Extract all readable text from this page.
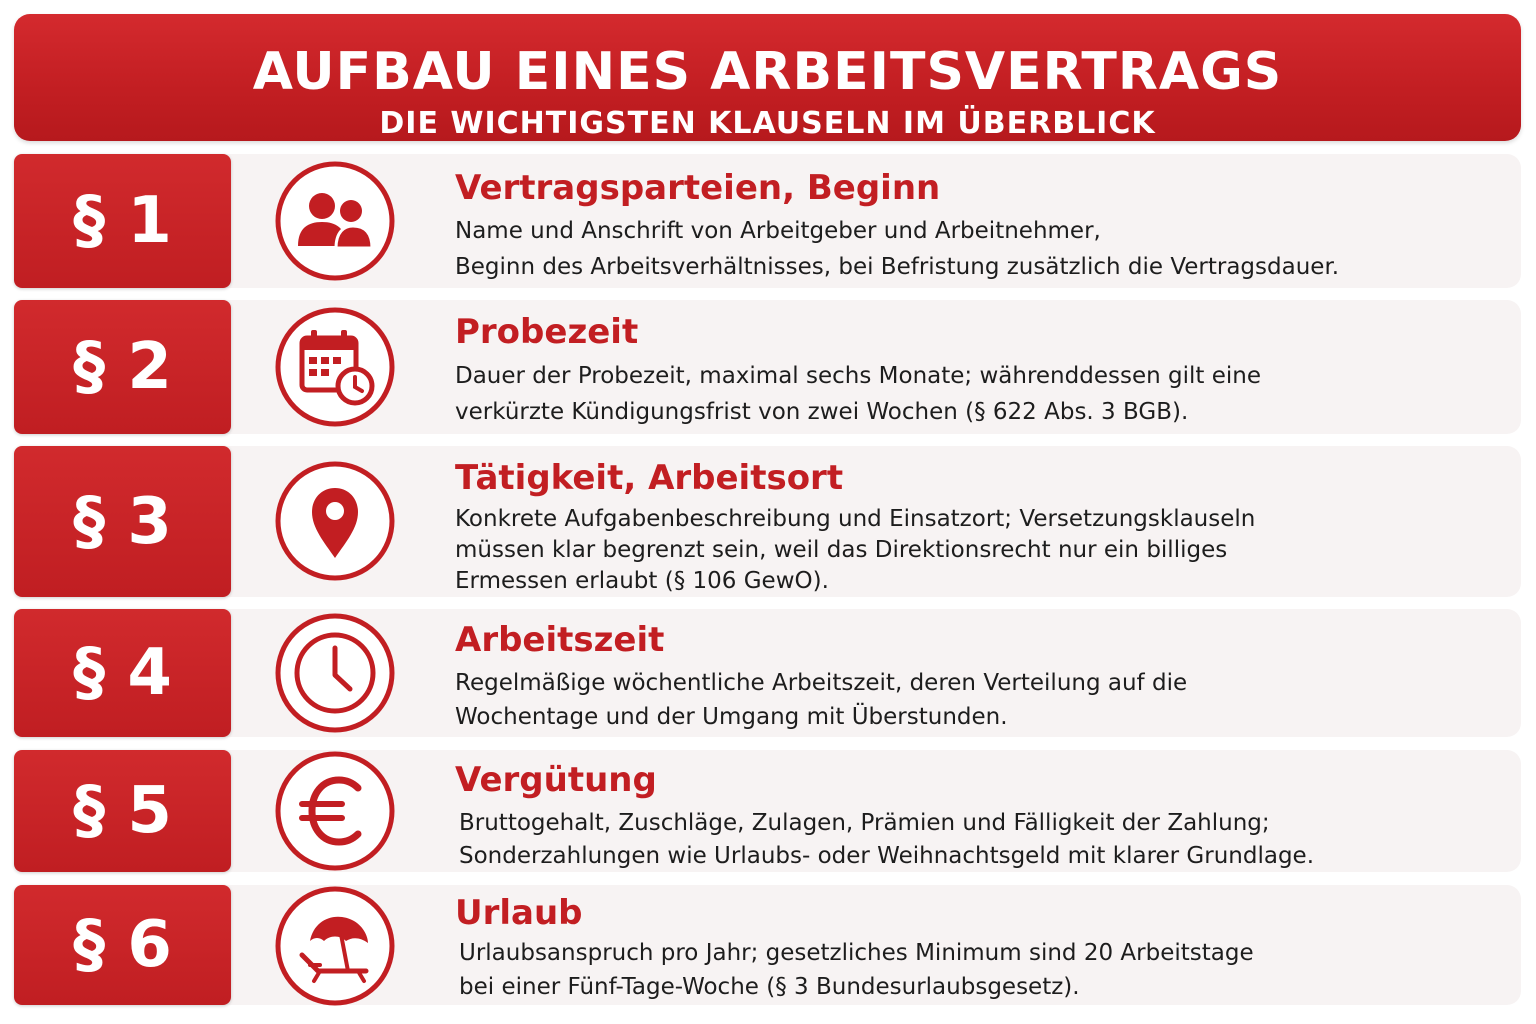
AUFBAU EINES ARBEITSVERTRAGS
DIE WICHTIGSTEN KLAUSELN IM ÜBERBLICK
§ 1	Vertragsparteien, Beginn
Name und Anschrift von Arbeitgeber und Arbeitnehmer,
Beginn des Arbeitsverhältnisses, bei Befristung zusätzlich die Vertragsdauer.
§ 2	Probezeit
Dauer der Probezeit, maximal sechs Monate; währenddessen gilt eine
verkürzte Kündigungsfrist von zwei Wochen (§ 622 Abs. 3 BGB).
§ 3
Tätigkeit, Arbeitsort
Konkrete Aufgabenbeschreibung und Einsatzort; Versetzungsklauseln
müssen klar begrenzt sein, weil das Direktionsrecht nur ein billiges
Ermessen erlaubt (§ 106 GewO).
§ 4	Arbeitszeit
Regelmäßige wöchentliche Arbeitszeit, deren Verteilung auf die
Wochentage und der Umgang mit Überstunden.
§ 5	Vergütung
Bruttogehalt, Zuschläge, Zulagen, Prämien und Fälligkeit der Zahlung;
Sonderzahlungen wie Urlaubs- oder Weihnachtsgeld mit klarer Grundlage.
§ 6	Urlaub
Urlaubsanspruch pro Jahr; gesetzliches Minimum sind 20 Arbeitstage
bei einer Fünf-Tage-Woche (§ 3 Bundesurlaubsgesetz).
